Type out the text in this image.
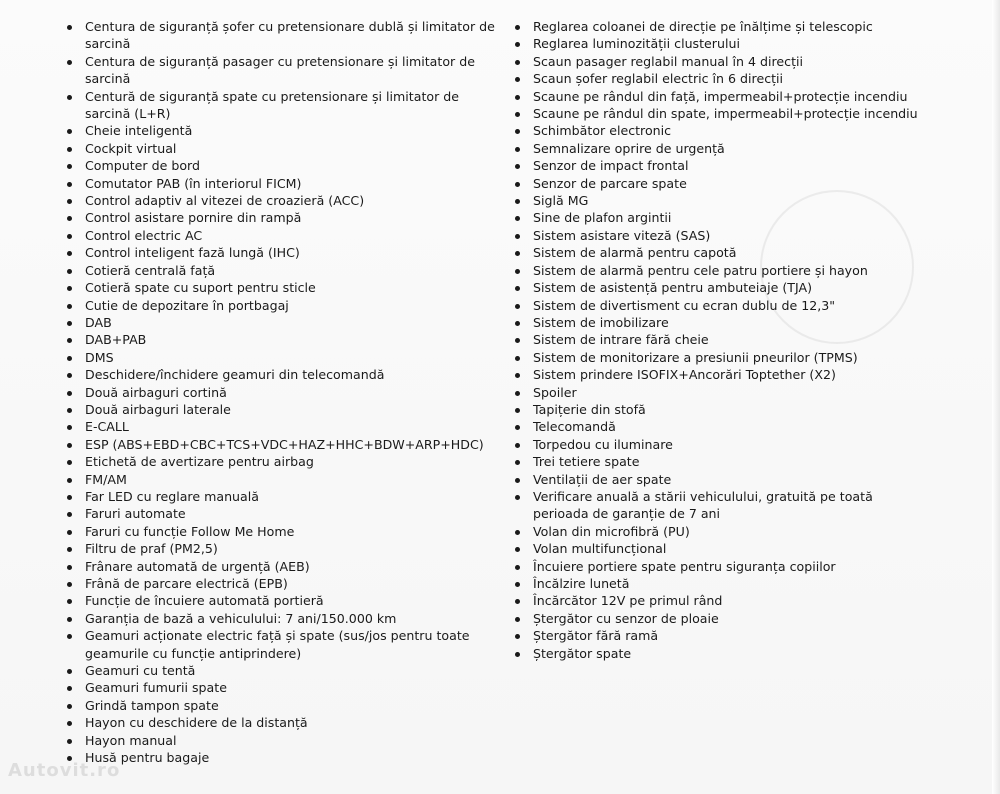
Centura de siguranță șofer cu pretensionare dublă și limitator de sarcină
Centura de siguranță pasager cu pretensionare și limitator de sarcină
Centură de siguranță spate cu pretensionare și limitator de sarcină (L+R)
Cheie inteligentă
Cockpit virtual
Computer de bord
Comutator PAB (în interiorul FICM)
Control adaptiv al vitezei de croazieră (ACC)
Control asistare pornire din rampă
Control electric AC
Control inteligent fază lungă (IHC)
Cotieră centrală față
Cotieră spate cu suport pentru sticle
Cutie de depozitare în portbagaj
DAB
DAB+PAB
DMS
Deschidere/închidere geamuri din telecomandă
Două airbaguri cortină
Două airbaguri laterale
E-CALL
ESP (ABS+EBD+CBC+TCS+VDC+HAZ+HHC+BDW+ARP+HDC)
Etichetă de avertizare pentru airbag
FM/AM
Far LED cu reglare manuală
Faruri automate
Faruri cu funcție Follow Me Home
Filtru de praf (PM2,5)
Frânare automată de urgență (AEB)
Frână de parcare electrică (EPB)
Funcție de încuiere automată portieră
Garanția de bază a vehiculului: 7 ani/150.000 km
Geamuri acționate electric față și spate (sus/jos pentru toate geamurile cu funcție antiprindere)
Geamuri cu tentă
Geamuri fumurii spate
Grindă tampon spate
Hayon cu deschidere de la distanță
Hayon manual
Husă pentru bagaje
Reglarea coloanei de direcție pe înălțime și telescopic
Reglarea luminozității clusterului
Scaun pasager reglabil manual în 4 direcții
Scaun șofer reglabil electric în 6 direcții
Scaune pe rândul din față, impermeabil+protecție incendiu
Scaune pe rândul din spate, impermeabil+protecție incendiu
Schimbător electronic
Semnalizare oprire de urgență
Senzor de impact frontal
Senzor de parcare spate
Siglă MG
Sine de plafon argintii
Sistem asistare viteză (SAS)
Sistem de alarmă pentru capotă
Sistem de alarmă pentru cele patru portiere și hayon
Sistem de asistență pentru ambuteiaje (TJA)
Sistem de divertisment cu ecran dublu de 12,3"
Sistem de imobilizare
Sistem de intrare fără cheie
Sistem de monitorizare a presiunii pneurilor (TPMS)
Sistem prindere ISOFIX+Ancorări Toptether (X2)
Spoiler
Tapițerie din stofă
Telecomandă
Torpedou cu iluminare
Trei tetiere spate
Ventilații de aer spate
Verificare anuală a stării vehiculului, gratuită pe toată perioada de garanție de 7 ani
Volan din microfibră (PU)
Volan multifuncțional
Încuiere portiere spate pentru siguranța copiilor
Încălzire lunetă
Încărcător 12V pe primul rând
Ștergător cu senzor de ploaie
Ștergător fără ramă
Ștergător spate
Autovit.ro
